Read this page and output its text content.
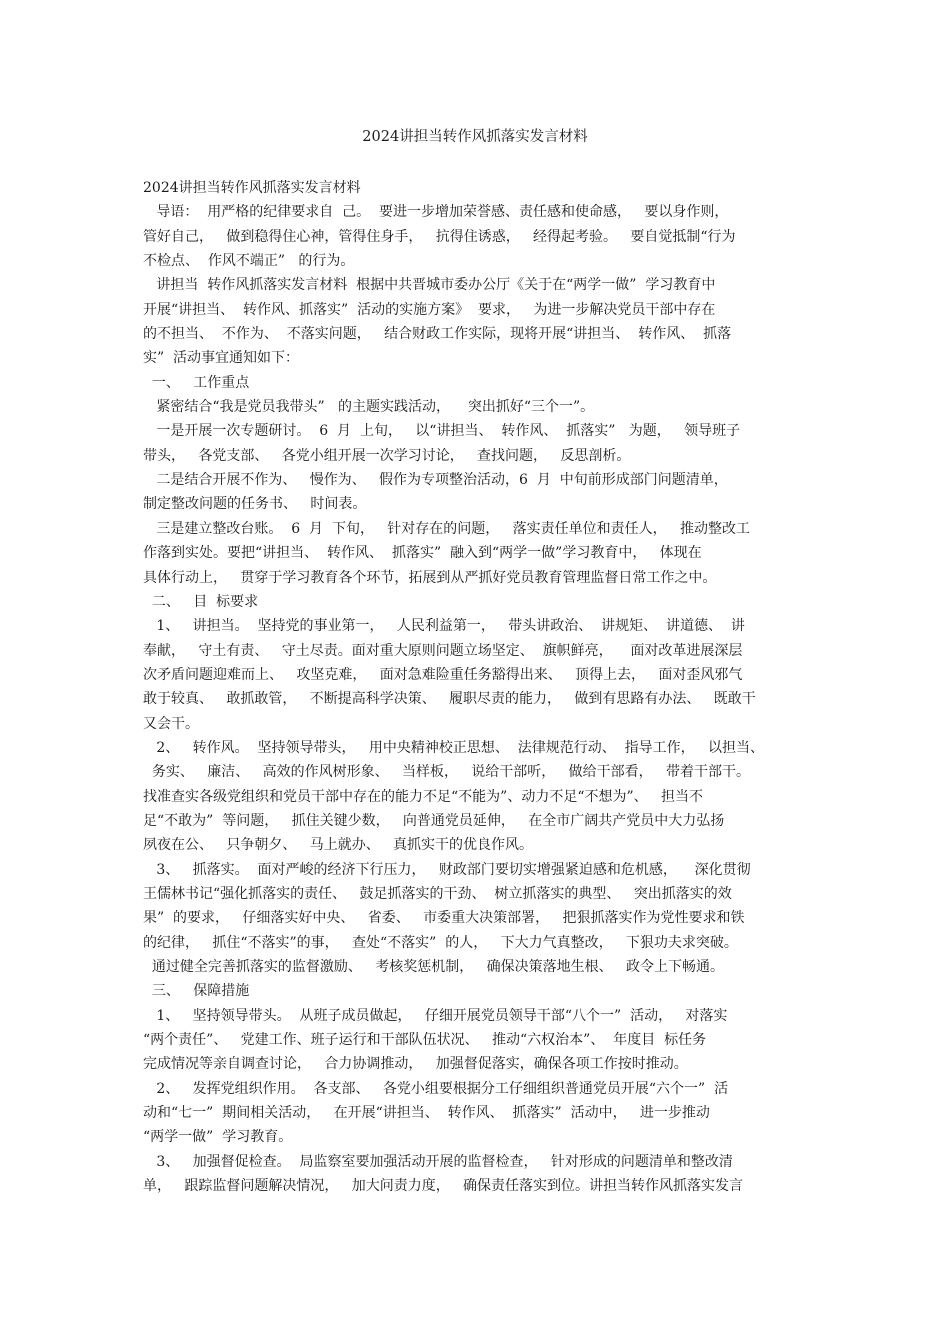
2024讲担当转作风抓落实发言材料
2024讲担当转作风抓落实发言材料
导语：  用严格的纪律要求自  己。  要进一步增加荣誉感、责任感和使命感，   要以身作则，
管好自己，   做到稳得住心神，管得住身手，   抗得住诱惑，   经得起考验。   要自觉抵制“行为
不检点、  作风不端正”   的行为。
讲担当  转作风抓落实发言材料  根据中共晋城市委办公厅《关于在“两学一做”  学习教育中
开展“讲担当、  转作风、抓落实”  活动的实施方案》  要求，   为进一步解决党员干部中存在
的不担当、  不作为、  不落实问题，   结合财政工作实际，现将开展“讲担当、  转作风、  抓落
实”  活动事宜通知如下：
一、   工作重点
紧密结合“我是党员我带头”   的主题实践活动，    突出抓好“三个一”。
一是开展一次专题研讨。  6  月  上旬，   以“讲担当、  转作风、  抓落实”   为题，   领导班子
带头，   各党支部、   各党小组开展一次学习讨论，   查找问题，   反思剖析。
二是结合开展不作为、   慢作为、   假作为专项整治活动，6  月  中旬前形成部门问题清单，
制定整改问题的任务书、   时间表。
三是建立整改台账。  6  月  下旬，   针对存在的问题，   落实责任单位和责任人，   推动整改工
作落到实处。要把“讲担当、  转作风、  抓落实”  融入到“两学一做”学习教育中，   体现在
具体行动上，   贯穿于学习教育各个环节，拓展到从严抓好党员教育管理监督日常工作之中。
二、   目  标要求
1、   讲担当。  坚持党的事业第一，   人民利益第一，   带头讲政治、  讲规矩、  讲道德、  讲
奉献，   守土有责、   守土尽责。面对重大原则问题立场坚定、  旗帜鲜亮，    面对改革进展深层
次矛盾问题迎难而上、   攻坚克难，   面对急难险重任务豁得出来、   顶得上去，   面对歪风邪气
敢于较真、   敢抓敢管，   不断提高科学决策、   履职尽责的能力，   做到有思路有办法、   既敢干
又会干。
2、   转作风。  坚持领导带头，   用中央精神校正思想、  法律规范行动、  指导工作，   以担当、
务实、   廉洁、   高效的作风树形象、   当样板，   说给干部听，   做给干部看，   带着干部干。
找准查实各级党组织和党员干部中存在的能力不足“不能为”、动力不足“不想为”、   担当不
足“不敢为”  等问题，   抓住关键少数，   向普通党员延伸，   在全市广阔共产党员中大力弘扬
夙夜在公、   只争朝夕、   马上就办、   真抓实干的优良作风。
3、   抓落实。  面对严峻的经济下行压力，   财政部门要切实增强紧迫感和危机感，    深化贯彻
王儒林书记“强化抓落实的责任、   鼓足抓落实的干劲、  树立抓落实的典型、   突出抓落实的效
果”  的要求，   仔细落实好中央、   省委、   市委重大决策部署，   把狠抓落实作为党性要求和铁
的纪律，   抓住“不落实”的事，   查处“不落实”  的人，   下大力气真整改，   下狠功夫求突破。
通过健全完善抓落实的监督激励、   考核奖惩机制，   确保决策落地生根、   政令上下畅通。
三、   保障措施
1、   坚持领导带头。  从班子成员做起，   仔细开展党员领导干部“八个一”  活动，   对落实
“两个责任”、   党建工作、班子运行和干部队伍状况、   推动“六权治本”、  年度目  标任务
完成情况等亲自调查讨论，   合力协调推动，   加强督促落实，确保各项工作按时推动。
2、   发挥党组织作用。  各支部、   各党小组要根据分工仔细组织普通党员开展“六个一”  活
动和“七一”  期间相关活动，   在开展“讲担当、  转作风、  抓落实”  活动中，   进一步推动
“两学一做”  学习教育。
3、   加强督促检查。  局监察室要加强活动开展的监督检查，   针对形成的问题清单和整改清
单，   跟踪监督问题解决情况，   加大问责力度，   确保责任落实到位。讲担当转作风抓落实发言
